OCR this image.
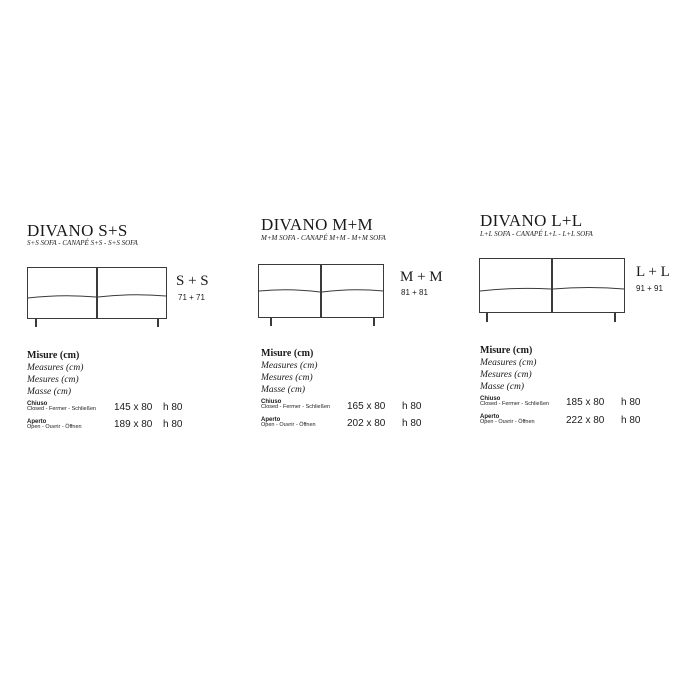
DIVANO S+S
S+S SOFA - CANAPÉ S+S - S+S SOFA
S + S
71 + 71
Misure (cm)
Measures (cm)
Mesures (cm)
Masse (cm)
Chiuso
Closed - Fermer - Schließen 145 x 80 h 80
Aperto
Open - Ouvrir - Öffnen	189 x 80 h 80
DIVANO M+M
M+M SOFA - CANAPÉ M+M - M+M SOFA
M + M
81 + 81
Misure (cm)
Measures (cm)
Mesures (cm)
Masse (cm)
Chiuso
Closed - Fermer - Schließen 165 x 80 h 80
Aperto
Open - Ouvrir - Öffnen	202 x 80 h 80
DIVANO L+L
L+L SOFA - CANAPÉ L+L - L+L SOFA
L + L
91 + 91
Misure (cm)
Measures (cm)
Mesures (cm)
Masse (cm)
Chiuso
Closed - Fermer - Schließen 185 x 80 h 80
Aperto
Open - Ouvrir - Öffnen	222 x 80 h 80
